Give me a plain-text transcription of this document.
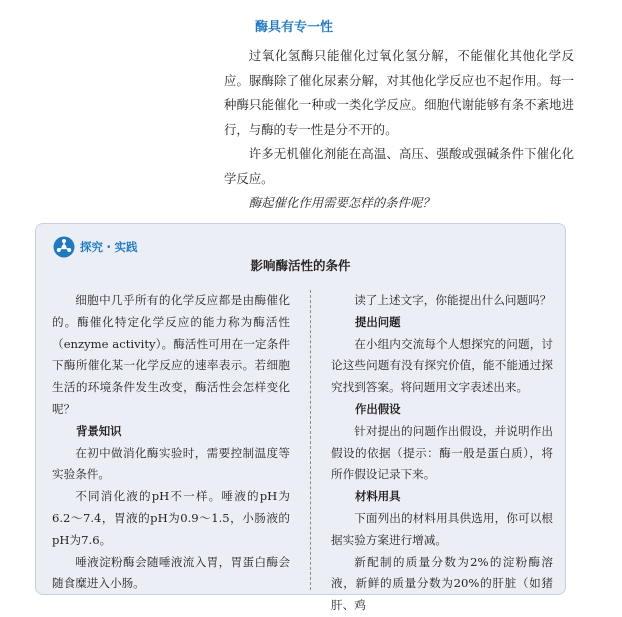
酶具有专一性

过氧化氢酶只能催化过氧化氢分解，不能催化其他化学反应。脲酶除了催化尿素分解，对其他化学反应也不起作用。每一种酶只能催化一种或一类化学反应。细胞代谢能够有条不紊地进行，与酶的专一性是分不开的。

许多无机催化剂能在高温、高压、强酸或强碱条件下催化化学反应。

酶起催化作用需要怎样的条件呢？

探究・实践
影响酶活性的条件

细胞中几乎所有的化学反应都是由酶催化的。酶催化特定化学反应的能力称为酶活性（enzyme activity）。酶活性可用在一定条件下酶所催化某一化学反应的速率表示。若细胞生活的环境条件发生改变，酶活性会怎样变化呢？

背景知识

在初中做消化酶实验时，需要控制温度等实验条件。

不同消化液的pH不一样。唾液的pH为6.2～7.4，胃液的pH为0.9～1.5，小肠液的pH为7.6。

唾液淀粉酶会随唾液流入胃，胃蛋白酶会随食糜进入小肠。

读了上述文字，你能提出什么问题吗？

提出问题

在小组内交流每个人想探究的问题，讨论这些问题有没有探究价值，能不能通过探究找到答案。将问题用文字表述出来。

作出假设

针对提出的问题作出假设，并说明作出假设的依据（提示：酶一般是蛋白质），将所作假设记录下来。

材料用具

下面列出的材料用具供选用，你可以根据实验方案进行增减。

新配制的质量分数为2%的淀粉酶溶液，新鲜的质量分数为20%的肝脏（如猪肝、鸡
